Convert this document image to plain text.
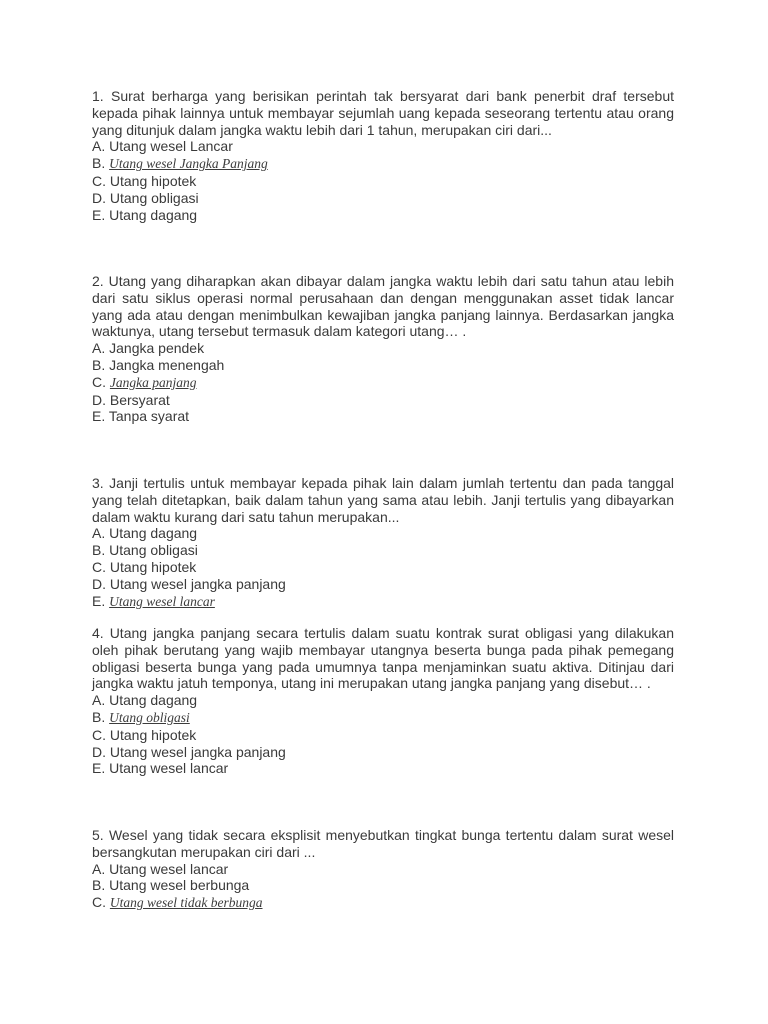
1. Surat berharga yang berisikan perintah tak bersyarat dari bank penerbit draf tersebut kepada pihak lainnya untuk membayar sejumlah uang kepada seseorang tertentu atau orang yang ditunjuk dalam jangka waktu lebih dari 1 tahun, merupakan ciri dari...

A. Utang wesel Lancar
B. Utang wesel Jangka Panjang
C. Utang hipotek
D. Utang obligasi
E. Utang dagang

2. Utang yang diharapkan akan dibayar dalam jangka waktu lebih dari satu tahun atau lebih dari satu siklus operasi normal perusahaan dan dengan menggunakan asset tidak lancar yang ada atau dengan menimbulkan kewajiban jangka panjang lainnya. Berdasarkan jangka waktunya, utang tersebut termasuk dalam kategori utang… .

A. Jangka pendek
B. Jangka menengah
C. Jangka panjang
D. Bersyarat
E. Tanpa syarat

3. Janji tertulis untuk membayar kepada pihak lain dalam jumlah tertentu dan pada tanggal yang telah ditetapkan, baik dalam tahun yang sama atau lebih. Janji tertulis yang dibayarkan dalam waktu kurang dari satu tahun merupakan...

A. Utang dagang
B. Utang obligasi
C. Utang hipotek
D. Utang wesel jangka panjang
E. Utang wesel lancar

4. Utang jangka panjang secara tertulis dalam suatu kontrak surat obligasi yang dilakukan oleh pihak berutang yang wajib membayar utangnya beserta bunga pada pihak pemegang obligasi beserta bunga yang pada umumnya tanpa menjaminkan suatu aktiva. Ditinjau dari jangka waktu jatuh temponya, utang ini merupakan utang jangka panjang yang disebut… .

A. Utang dagang
B. Utang obligasi
C. Utang hipotek
D. Utang wesel jangka panjang
E. Utang wesel lancar

5. Wesel yang tidak secara eksplisit menyebutkan tingkat bunga tertentu dalam surat wesel bersangkutan merupakan ciri dari ...

A. Utang wesel lancar
B. Utang wesel berbunga
C. Utang wesel tidak berbunga
